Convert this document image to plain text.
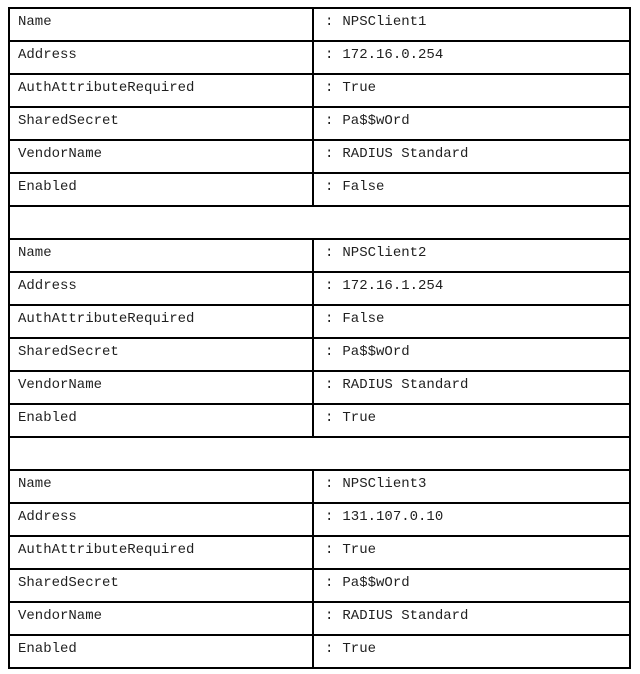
Name	: NPSClient1
Address	: 172.16.0.254
AuthAttributeRequired	: True
SharedSecret	: Pa$$wOrd
VendorName	: RADIUS Standard
Enabled	: False
Name	: NPSClient2
Address	: 172.16.1.254
AuthAttributeRequired	: False
SharedSecret	: Pa$$wOrd
VendorName	: RADIUS Standard
Enabled	: True
Name	: NPSClient3
Address	: 131.107.0.10
AuthAttributeRequired	: True
SharedSecret	: Pa$$wOrd
VendorName	: RADIUS Standard
Enabled	: True
